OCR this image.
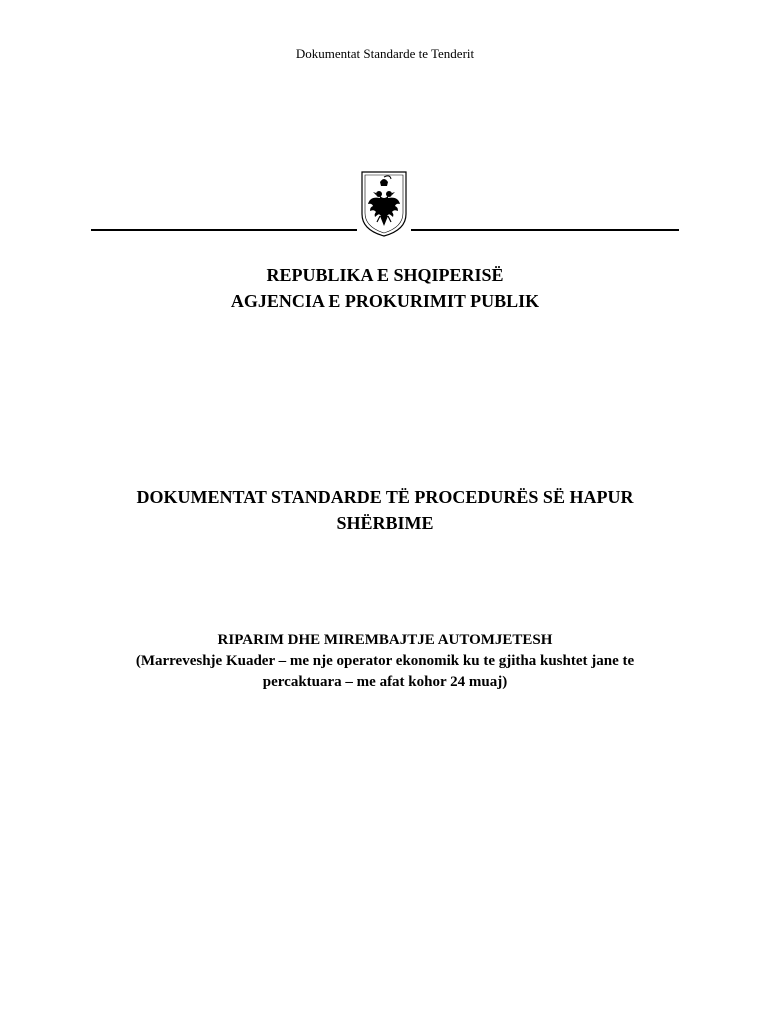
Dokumentat Standarde te Tenderit
REPUBLIKA E SHQIPERISË
AGJENCIA E PROKURIMIT PUBLIK
DOKUMENTAT STANDARDE TË PROCEDURËS SË HAPUR
SHËRBIME
RIPARIM DHE MIREMBAJTJE AUTOMJETESH
(Marreveshje Kuader – me nje operator ekonomik ku te gjitha kushtet jane te
percaktuara – me afat kohor 24 muaj)
